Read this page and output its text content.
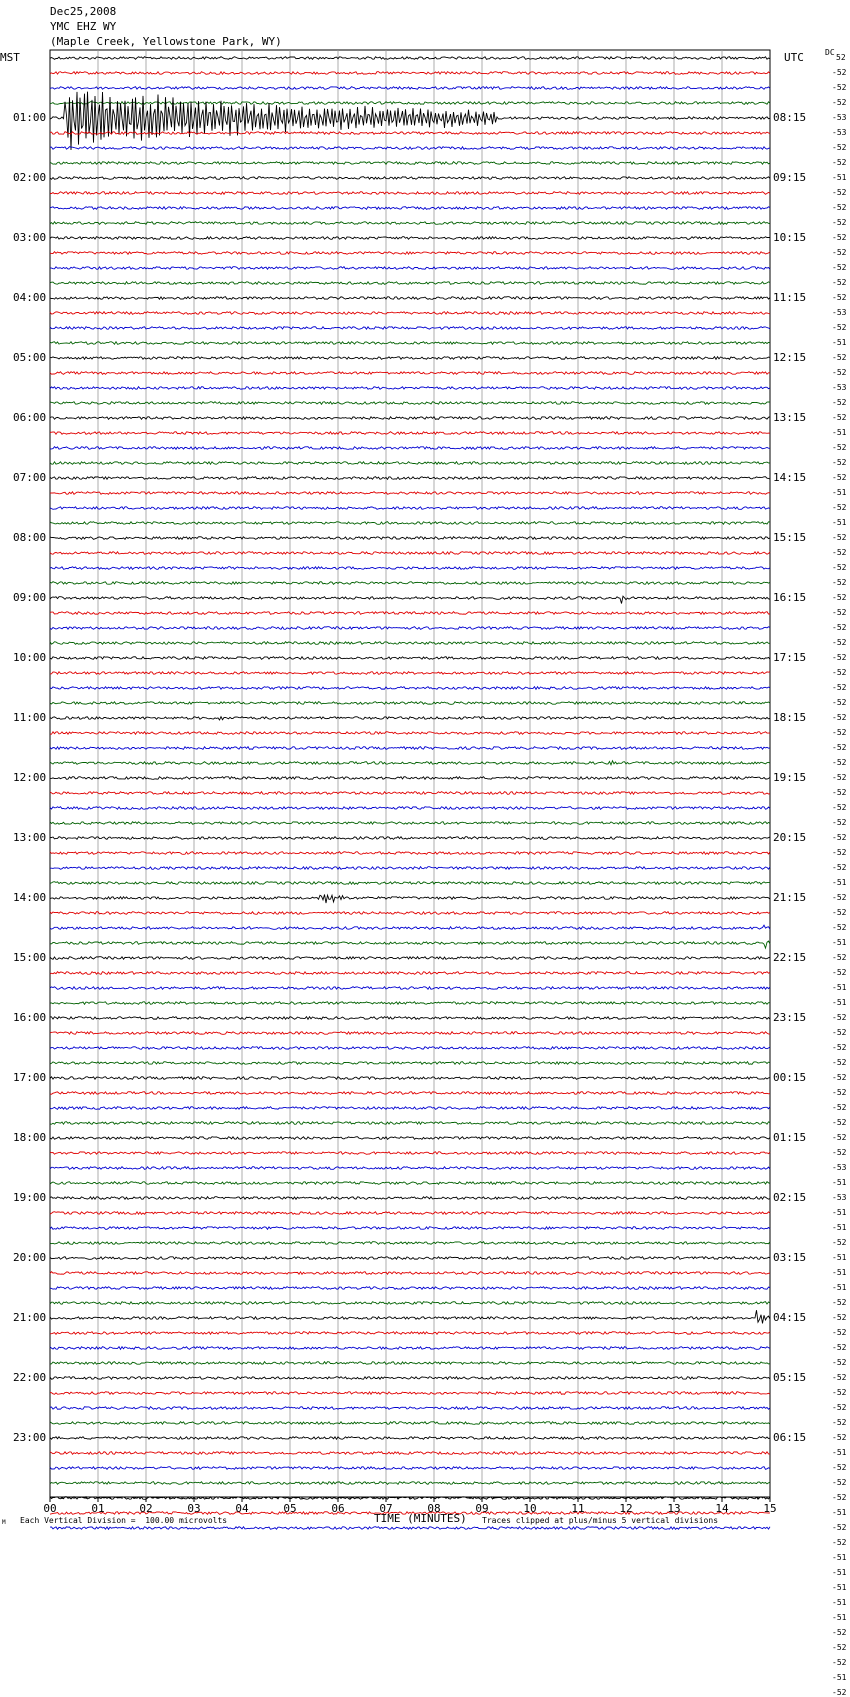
00	01	02	03	04	05	06	07	08	09	10	11	12	13	14	15
Dec25,2008
YMC EHZ WY
(Maple Creek, Yellowstone Park, WY)
MST	UTC	DC
01:00
02:00
03:00
04:00
05:00
06:00
07:00
08:00
09:00
10:00
11:00
12:00
13:00
14:00
15:00
16:00
17:00
18:00
19:00
20:00
21:00
22:00
23:00
08:15
09:15
10:15
11:15
12:15
13:15
14:15
15:15
16:15
17:15
18:15
19:15
20:15
21:15
22:15
23:15
00:15
01:15
02:15
03:15
04:15
05:15
06:15
52
-52
-52
-52
-53
-53
-52
-52
-51
-52
-52
-52
-52
-52
-52
-52
-52
-53
-52
-51
-52
-52
-53
-52
-52
-51
-52
-52
-52
-51
-52
-51
-52
-52
-52
-52
-52
-52
-52
-52
-52
-52
-52
-52
-52
-52
-52
-52
-52
-52
-52
-52
-52
-52
-52
-51
-52
-52
-52
-51
-52
-52
-51
-51
-52
-52
-52
-52
-52
-52
-52
-52
-52
-52
-53
-51
-53
-51
-51
-52
-51
-51
-51
-52
-52
-52
-52
-52
-52
-52
-52
-52
-52
-51
-52
-52
-52
-51
-52
-52
-51
-51
-51
-51
-51
-52
-52
-52
-51
-52
TIME (MINUTES)
Each Vertical Division =  100.00 microvolts	Traces clipped at plus/minus 5 vertical divisions
M
